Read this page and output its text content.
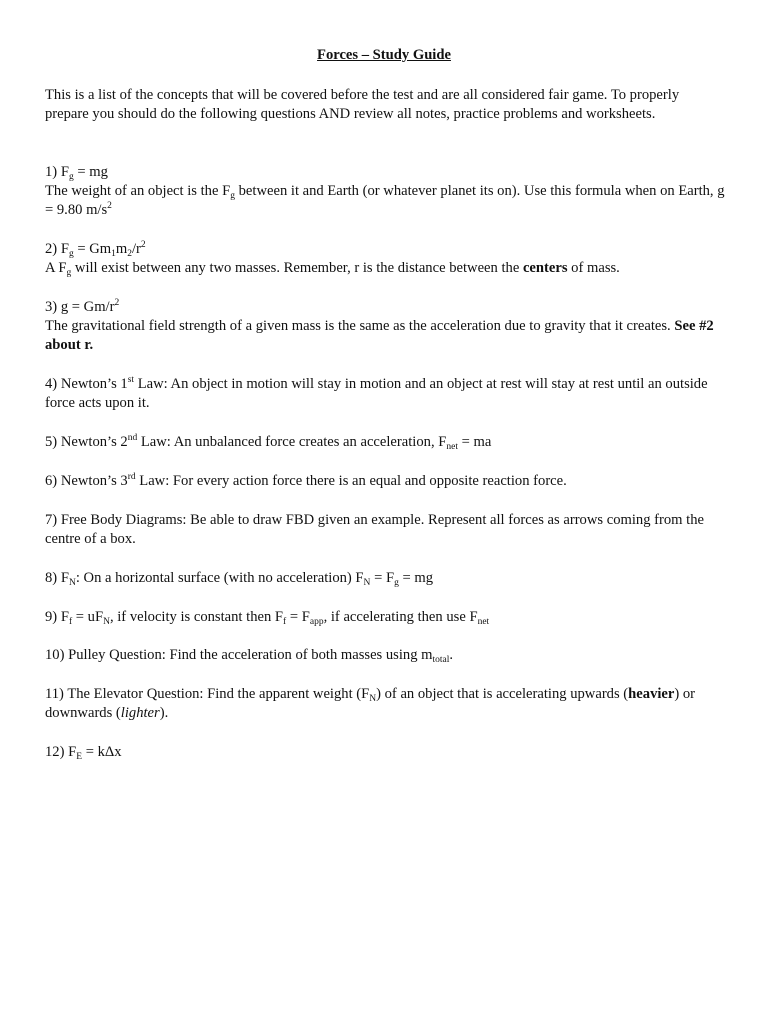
Forces – Study Guide
This is a list of the concepts that will be covered before the test and are all considered fair game. To properly prepare you should do the following questions AND review all notes, practice problems and worksheets.
1) $F_g$ = mg
The weight of an object is the $F_g$ between it and Earth (or whatever planet its on). Use this formula when on Earth, g = 9.80 $m/s^2$
2) $F_g = Gm_1m_2/r^2$
A $F_g$ will exist between any two masses. Remember, r is the distance between the centers of mass.
3) $g = Gm/r^2$
The gravitational field strength of a given mass is the same as the acceleration due to gravity that it creates. See #2 about r.
4) Newton’s 1st Law: An object in motion will stay in motion and an object at rest will stay at rest until an outside force acts upon it.
5) Newton’s 2nd Law: An unbalanced force creates an acceleration, $F_{net}$ = ma
6) Newton’s 3rd Law: For every action force there is an equal and opposite reaction force.
7) Free Body Diagrams: Be able to draw FBD given an example. Represent all forces as arrows coming from the centre of a box.
8) $F_N$: On a horizontal surface (with no acceleration) $F_N = F_g$ = mg
9) $F_f = uF_N$, if velocity is constant then $F_f = F_{app}$, if accelerating then use $F_{net}$
10) Pulley Question: Find the acceleration of both masses using $m_{total}$.
11) The Elevator Question: Find the apparent weight $(F_N)$ of an object that is accelerating upwards (heavier) or downwards (lighter).
12) $F_E = k\Delta x$
